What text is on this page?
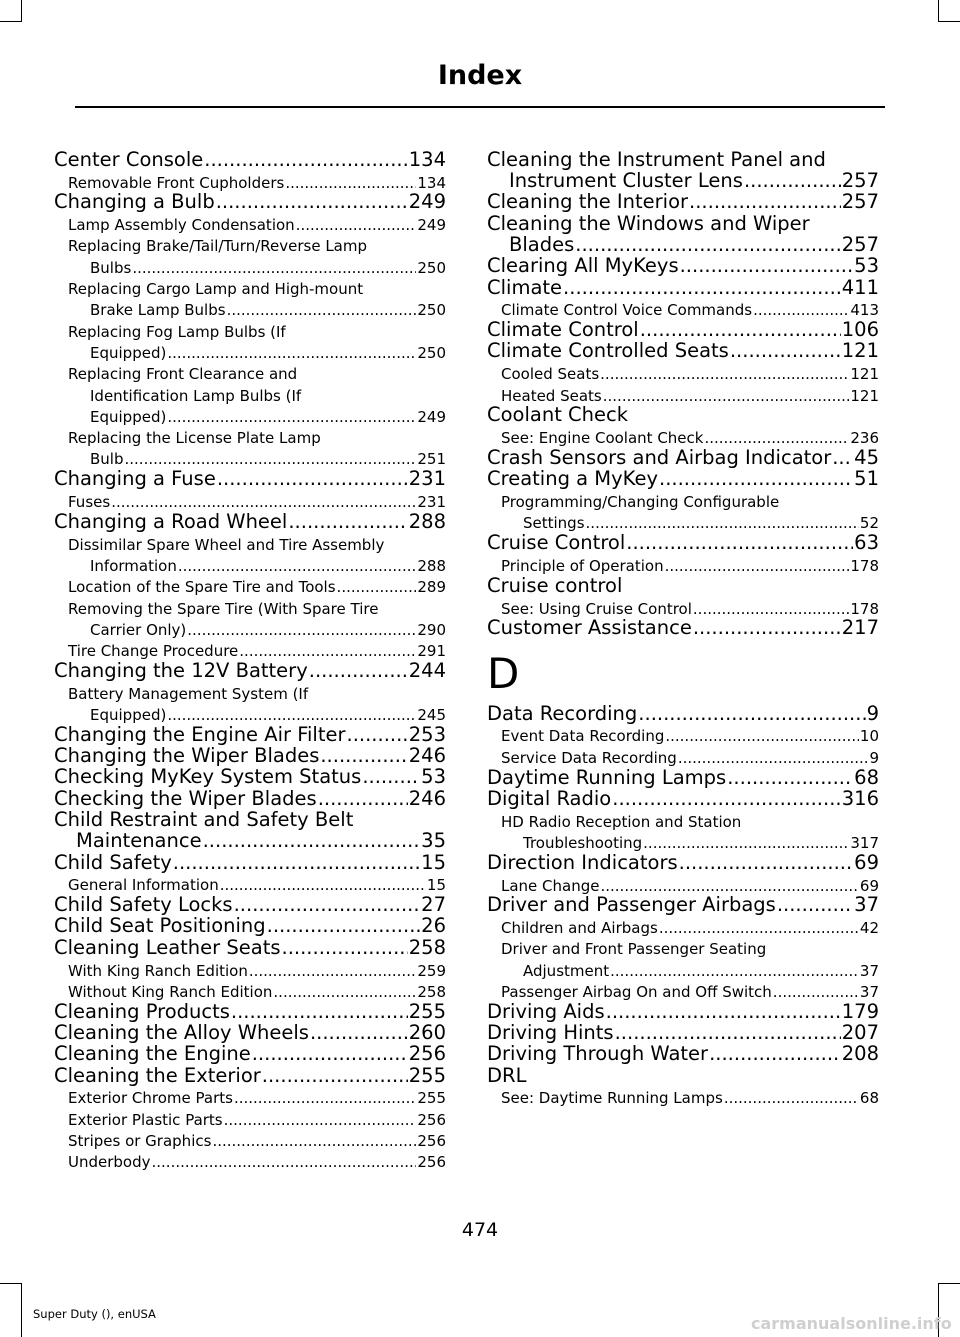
Index
Center Console .....	134
Removable Front Cupholders .....	134
Changing a Bulb .....	249
Lamp Assembly Condensation .....	249
Replacing Brake/Tail/Turn/Reverse Lamp
Bulbs .....	250
Replacing Cargo Lamp and High-mount
Brake Lamp Bulbs .....	250
Replacing Fog Lamp Bulbs (If
Equipped) .....	250
Replacing Front Clearance and
Identification Lamp Bulbs (If
Equipped) .....	249
Replacing the License Plate Lamp
Bulb .....	251
Changing a Fuse .....	231
Fuses .....	231
Changing a Road Wheel .....	288
Dissimilar Spare Wheel and Tire Assembly
Information .....	288
Location of the Spare Tire and Tools .....	289
Removing the Spare Tire (With Spare Tire
Carrier Only) .....	290
Tire Change Procedure .....	291
Changing the 12V Battery .....	244
Battery Management System (If
Equipped) .....	245
Changing the Engine Air Filter .....	253
Changing the Wiper Blades .....	246
Checking MyKey System Status .....	53
Checking the Wiper Blades .....	246
Child Restraint and Safety Belt
Maintenance .....	35
Child Safety .....	15
General Information .....	15
Child Safety Locks .....	27
Child Seat Positioning .....	26
Cleaning Leather Seats .....	258
With King Ranch Edition .....	259
Without King Ranch Edition .....	258
Cleaning Products .....	255
Cleaning the Alloy Wheels .....	260
Cleaning the Engine .....	256
Cleaning the Exterior .....	255
Exterior Chrome Parts .....	255
Exterior Plastic Parts .....	256
Stripes or Graphics .....	256
Underbody .....	256
Cleaning the Instrument Panel and
Instrument Cluster Lens .....	257
Cleaning the Interior .....	257
Cleaning the Windows and Wiper
Blades .....	257
Clearing All MyKeys .....	53
Climate .....	411
Climate Control Voice Commands .....	413
Climate Control .....	106
Climate Controlled Seats .....	121
Cooled Seats .....	121
Heated Seats .....	121
Coolant Check
See: Engine Coolant Check .....	236
Crash Sensors and Airbag Indicator ..... 45
Creating a MyKey .....	51
Programming/Changing Configurable
Settings .....	52
Cruise Control .....	63
Principle of Operation .....	178
Cruise control
See: Using Cruise Control .....	178
Customer Assistance .....	217
D
Data Recording .....	9
Event Data Recording .....	10
Service Data Recording .....	9
Daytime Running Lamps .....	68
Digital Radio .....	316
HD Radio Reception and Station
Troubleshooting .....	317
Direction Indicators .....	69
Lane Change .....	69
Driver and Passenger Airbags .....	37
Children and Airbags .....	42
Driver and Front Passenger Seating
Adjustment .....	37
Passenger Airbag On and Off Switch .....	37
Driving Aids .....	179
Driving Hints .....	207
Driving Through Water .....	208
DRL
See: Daytime Running Lamps .....	68
474
Super Duty (), enUSA	carmanualsonline.info
